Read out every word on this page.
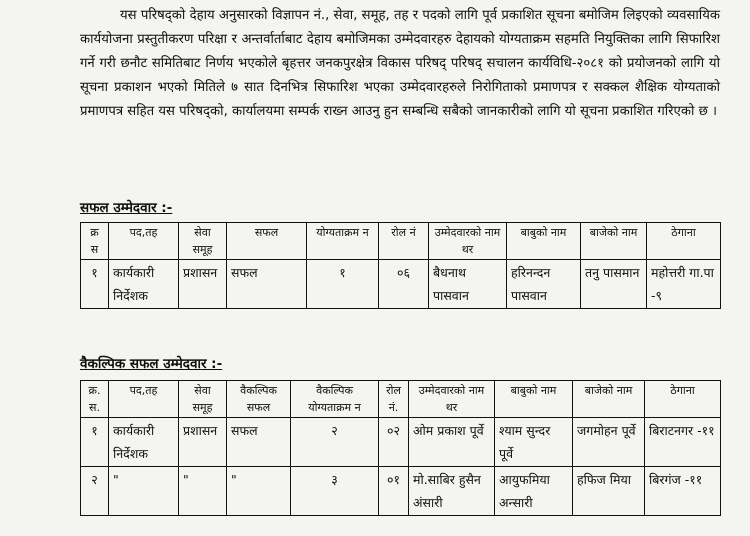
यस परिषद्को देहाय अनुसारको विज्ञापन नं., सेवा, समूह, तह र पदको लागि पूर्व प्रकाशित सूचना बमोजिम लिइएको व्यवसायिक कार्ययोजना प्रस्तुतीकरण परिक्षा र अन्तर्वार्ताबाट देहाय बमोजिमका उम्मेदवारहरु देहायको योग्यताक्रम सहमति नियुक्तिका लागि सिफारिश गर्ने गरी छनौट समितिबाट निर्णय भएकोले बृहत्तर जनकपुरक्षेत्र विकास परिषद् परिषद् सचालन कार्यविधि-२०८१ को प्रयोजनको लागि यो सूचना प्रकाशन भएको मितिले ७ सात दिनभित्र सिफारिश भएका उम्मेदवारहरुले निरोगिताको प्रमाणपत्र र सक्कल शैक्षिक योग्यताको प्रमाणपत्र सहित यस परिषद्को, कार्यालयमा सम्पर्क राख्न आउनु हुन सम्बन्धि सबैको जानकारीको लागि यो सूचना प्रकाशित गरिएको छ ।
सफल उम्मेदवार :-
क्र स	पद,तह	सेवा समूह	सफल	योग्यताक्रम न	रोल नं	उम्मेदवारको नाम थर	बाबुको नाम	बाजेको नाम	ठेगाना
१	कार्यकारी निर्देशक	प्रशासन	सफल	१	०६	बैधनाथ पासवान	हरिनन्दन पासवान	तनु पासमान	महोत्तरी गा.पा -९
वैकल्पिक सफल उम्मेदवार :-
क्र. स.	पद,तह	सेवा समूह	वैकल्पिक सफल	वैकल्पिक योग्यताक्रम न	रोल नं.	उम्मेदवारको नाम थर	बाबुको नाम	बाजेको नाम	ठेगाना
१	कार्यकारी निर्देशक	प्रशासन	सफल	२	०२	ओम प्रकाश पूर्वे	श्याम सुन्दर पूर्वे	जगमोहन पूर्वे	बिराटनगर -११
२	"	"	"	३	०१	मो.साबिर हुसैन अंसारी	आयुफमिया अन्सारी	हफिज मिया	बिरगंज -११
